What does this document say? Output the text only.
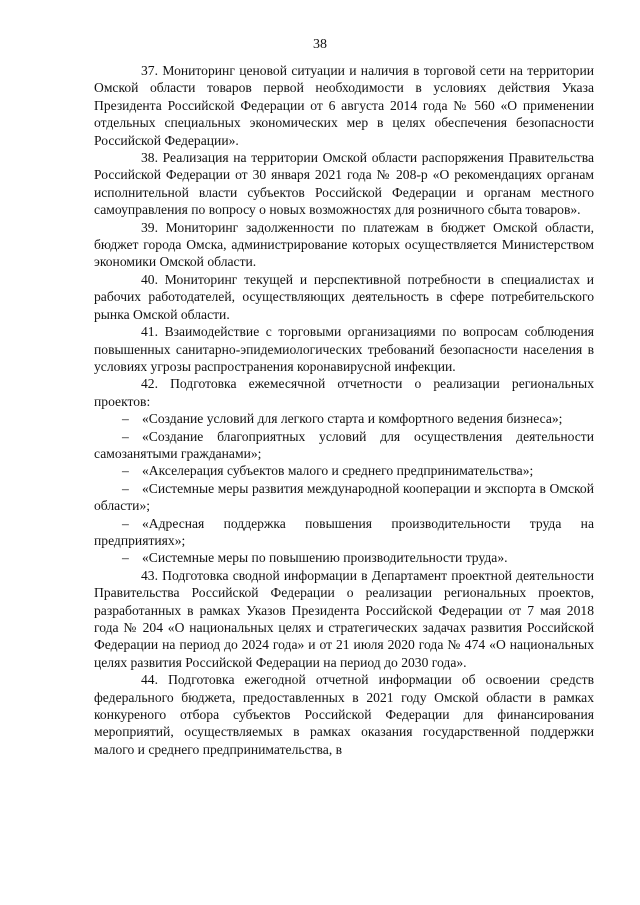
38

37. Мониторинг ценовой ситуации и наличия в торговой сети на территории Омской области товаров первой необходимости в условиях действия Указа Президента Российской Федерации от 6 августа 2014 года № 560 «О применении отдельных специальных экономических мер в целях обеспечения безопасности Российской Федерации».

38. Реализация на территории Омской области распоряжения Правительства Российской Федерации от 30 января 2021 года № 208-р «О рекомендациях органам исполнительной власти субъектов Российской Федерации и органам местного самоуправления по вопросу о новых возможностях для розничного сбыта товаров».

39. Мониторинг задолженности по платежам в бюджет Омской области, бюджет города Омска, администрирование которых осуществляется Министерством экономики Омской области.

40. Мониторинг текущей и перспективной потребности в специалистах и рабочих работодателей, осуществляющих деятельность в сфере потребительского рынка Омской области.

41. Взаимодействие с торговыми организациями по вопросам соблюдения повышенных санитарно-эпидемиологических требований безопасности населения в условиях угрозы распространения коронавирусной инфекции.

42. Подготовка ежемесячной отчетности о реализации региональных проектов:

– «Создание условий для легкого старта и комфортного ведения бизнеса»;

– «Создание благоприятных условий для осуществления деятельности самозанятыми гражданами»;

– «Акселерация субъектов малого и среднего предпринимательства»;

– «Системные меры развития международной кооперации и экспорта в Омской области»;

– «Адресная поддержка повышения производительности труда на предприятиях»;

– «Системные меры по повышению производительности труда».

43. Подготовка сводной информации в Департамент проектной деятельности Правительства Российской Федерации о реализации региональных проектов, разработанных в рамках Указов Президента Российской Федерации от 7 мая 2018 года № 204 «О национальных целях и стратегических задачах развития Российской Федерации на период до 2024 года» и от 21 июля 2020 года № 474 «О национальных целях развития Российской Федерации на период до 2030 года».

44. Подготовка ежегодной отчетной информации об освоении средств федерального бюджета, предоставленных в 2021 году Омской области в рамках конкуреного отбора субъектов Российской Федерации для финансирования мероприятий, осуществляемых в рамках оказания государственной поддержки малого и среднего предпринимательства, в
